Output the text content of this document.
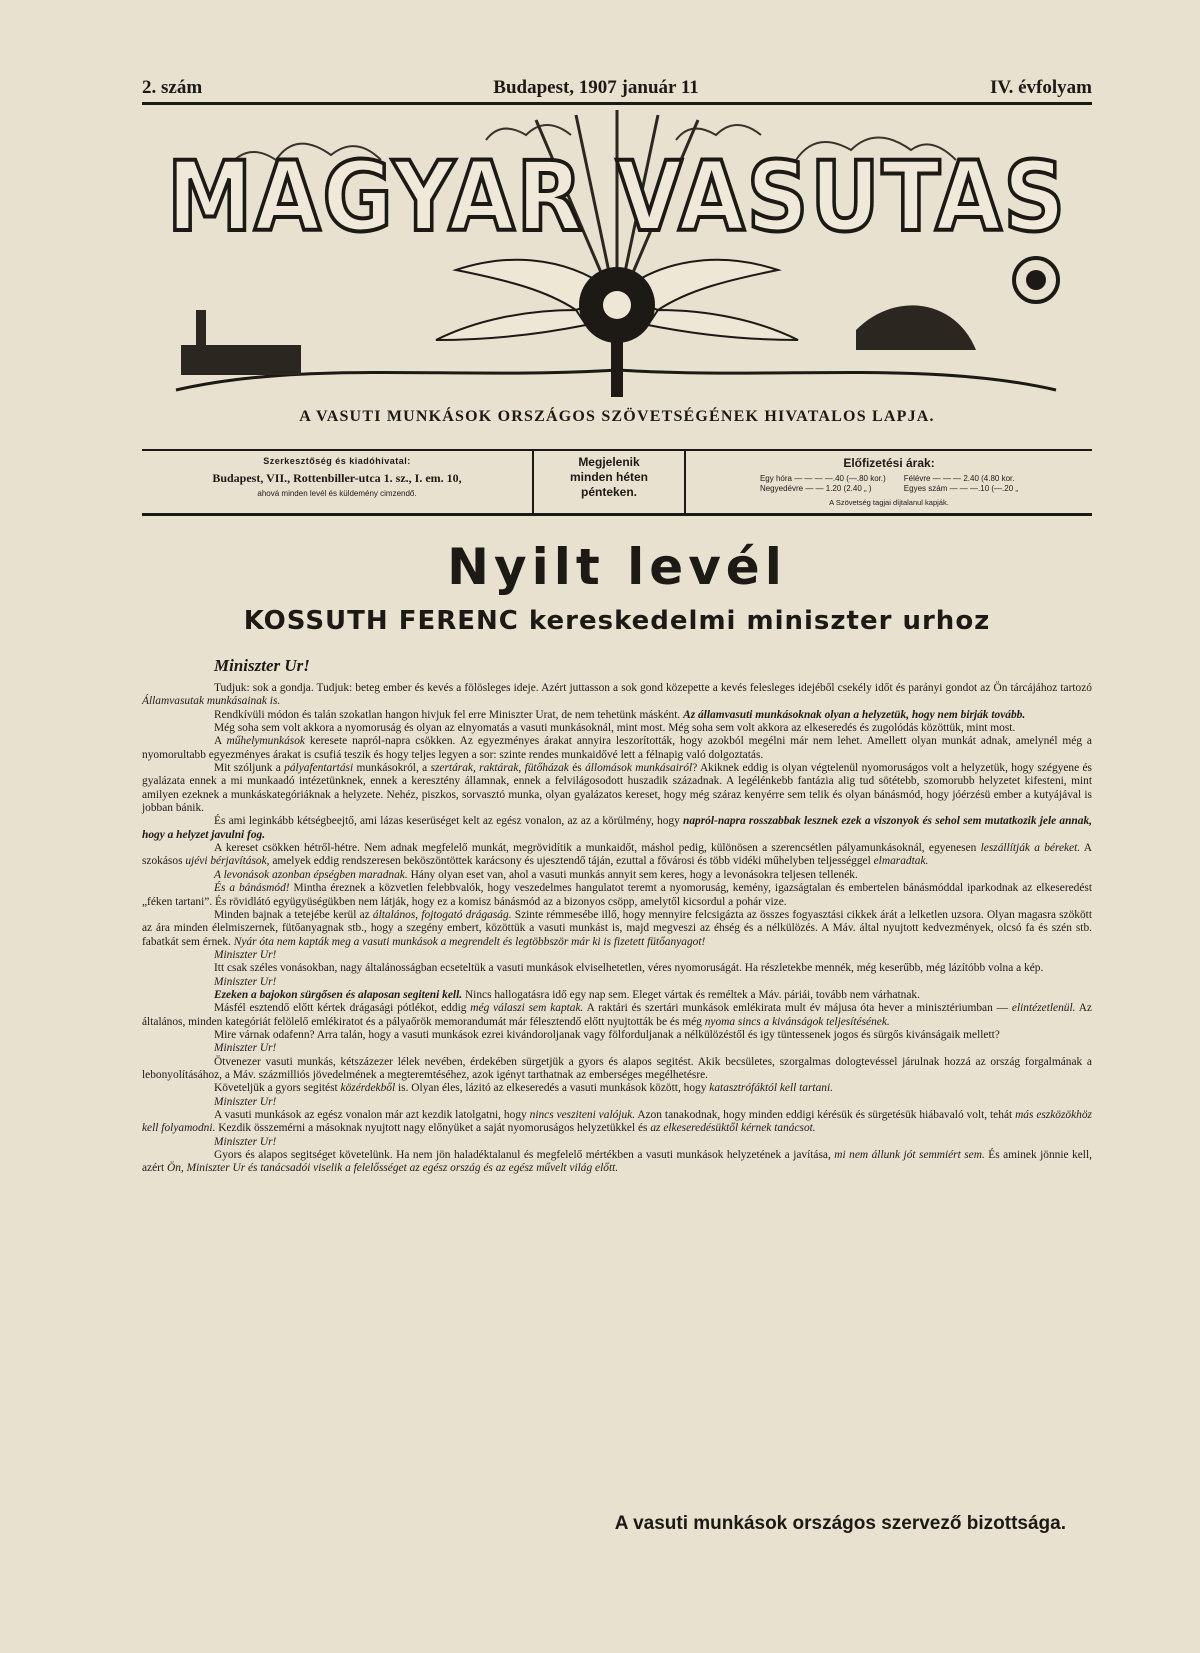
2. szám	Budapest, 1907 január 11	IV. évfolyam
MAGYAR VASUTAS
A VASUTI MUNKÁSOK ORSZÁGOS SZÖVETSÉGÉNEK HIVATALOS LAPJA.
Szerkesztőség és kiadóhivatal:
Budapest, VII., Rottenbiller-utca 1. sz., I. em. 10,
ahová minden levél és küldemény cimzendő.
Megjelenik
minden héten
pénteken.
Előfizetési árak:
Egy hóra — — — —.40 (—.80 kor.)
Negyedévre — — 1.20 (2.40 „ )
Félévre — — — 2.40 (4.80 kor.
Egyes szám — — —.10 (—.20 „
A Szövetség tagjai díjtalanul kapják.
Nyilt levél
KOSSUTH FERENC kereskedelmi miniszter urhoz
Miniszter Ur!

Tudjuk: sok a gondja. Tudjuk: beteg ember és kevés a fölösleges ideje. Azért juttasson a sok gond közepette a kevés felesleges idejéből csekély időt és parányi gondot az Ön tárcájához tartozó Államvasutak munkásainak is.

Rendkívüli módon és talán szokatlan hangon hivjuk fel erre Miniszter Urat, de nem tehetünk másként. Az államvasuti munkásoknak olyan a helyzetük, hogy nem birják tovább.

Még soha sem volt akkora a nyomoruság és olyan az elnyomatás a vasuti munkásoknál, mint most. Még soha sem volt akkora az elkeseredés és zugolódás közöttük, mint most.

A műhelymunkások keresete napról-napra csökken. Az egyezményes árakat annyira leszorították, hogy azokból megélni már nem lehet. Amellett olyan munkát adnak, amelynél még a nyomorultabb egyezményes árakat is csufiá teszik és hogy teljes legyen a sor: szinte rendes munkaidővé lett a félnapig való dolgoztatás.

Mit szóljunk a pályafentartási munkásokról, a szertárak, raktárak, fütőházak és állomások munkásairól? Akiknek eddig is olyan végtelenül nyomoruságos volt a helyzetük, hogy szégyene és gyalázata ennek a mi munkaadó intézetünknek, ennek a keresztény államnak, ennek a felvilágosodott huszadik századnak. A legélénkebb fantázia alig tud sötétebb, szomorubb helyzetet kifesteni, mint amilyen ezeknek a munkáskategóriáknak a helyzete. Nehéz, piszkos, sorvasztó munka, olyan gyalázatos kereset, hogy még száraz kenyérre sem telik és olyan bánásmód, hogy jóérzésü ember a kutyájával is jobban bánik.

És ami leginkább kétségbeejtő, ami lázas keserüséget kelt az egész vonalon, az az a körülmény, hogy napról-napra rosszabbak lesznek ezek a viszonyok és sehol sem mutatkozik jele annak, hogy a helyzet javulni fog.

A kereset csökken hétről-hétre. Nem adnak megfelelő munkát, megrövidítik a munkaidőt, máshol pedig, különösen a szerencsétlen pályamunkásoknál, egyenesen leszállítják a béreket. A szokásos ujévi bérjavítások, amelyek eddig rendszeresen beköszöntöttek karácsony és ujesztendő táján, ezuttal a fővárosi és több vidéki műhelyben teljességgel elmaradtak.

A levonások azonban épségben maradnak. Hány olyan eset van, ahol a vasuti munkás annyit sem keres, hogy a levonásokra teljesen tellenék.

És a bánásmód! Mintha éreznek a közvetlen felebbvalók, hogy veszedelmes hangulatot teremt a nyomoruság, kemény, igazságtalan és embertelen bánásmóddal iparkodnak az elkeseredést „féken tartani”. És rövidlátó együgyüségükben nem látják, hogy ez a komisz bánásmód az a bizonyos csöpp, amelytől kicsordul a pohár vize.

Minden bajnak a tetejébe kerül az általános, fojtogató drágaság. Szinte rémmesébe illő, hogy mennyire felcsigázta az összes fogyasztási cikkek árát a lelketlen uzsora. Olyan magasra szökött az ára minden élelmiszernek, fütőanyagnak stb., hogy a szegény embert, közöttük a vasuti munkást is, majd megveszi az éhség és a nélkülözés. A Máv. által nyujtott kedvezmények, olcsó fa és szén stb. fabatkát sem érnek. Nyár óta nem kapták meg a vasuti munkások a megrendelt és legtöbbször már ki is fizetett fütőanyagot!

Miniszter Ur!

Itt csak széles vonásokban, nagy általánosságban ecseteltük a vasuti munkások elviselhetetlen, véres nyomoruságát. Ha részletekbe mennék, még keserűbb, még lázítóbb volna a kép.

Miniszter Ur!

Ezeken a bajokon sürgősen és alaposan segiteni kell. Nincs hallogatásra idő egy nap sem. Eleget vártak és reméltek a Máv. páriái, tovább nem várhatnak.

Másfél esztendő előtt kértek drágasági pótlékot, eddig még válaszi sem kaptak. A raktári és szertári munkások emlékirata mult év májusa óta hever a minisztériumban — elintézetlenül. Az általános, minden kategóriát felölelő emlékiratot és a pályaőrök memorandumát már félesztendő előtt nyujtották be és még nyoma sincs a kivánságok teljesítésének.

Mire várnak odafenn? Arra talán, hogy a vasuti munkások ezrei kivándoroljanak vagy fölforduljanak a nélkülözéstől és igy tüntessenek jogos és sürgős kivánságaik mellett?

Miniszter Ur!

Ötvenezer vasuti munkás, kétszázezer lélek nevében, érdekében sürgetjük a gyors és alapos segitést. Akik becsületes, szorgalmas dologtevéssel járulnak hozzá az ország forgalmának a lebonyolításához, a Máv. százmilliós jövedelmének a megteremtéséhez, azok igényt tarthatnak az emberséges megélhetésre.

Követeljük a gyors segitést közérdekből is. Olyan éles, lázitó az elkeseredés a vasuti munkások között, hogy katasztrófáktól kell tartani.

Miniszter Ur!

A vasuti munkások az egész vonalon már azt kezdik latolgatni, hogy nincs vesziteni valójuk. Azon tanakodnak, hogy minden eddigi kérésük és sürgetésük hiábavaló volt, tehát más eszközökhöz kell folyamodni. Kezdik összemérni a másoknak nyujtott nagy előnyüket a saját nyomoruságos helyzetükkel és az elkeseredésüktől kérnek tanácsot.

Miniszter Ur!

Gyors és alapos segitséget követelünk. Ha nem jön haladéktalanul és megfelelő mértékben a vasuti munkások helyzetének a javítása, mi nem állunk jót semmiért sem. És aminek jönnie kell, azért Ön, Miniszter Ur és tanácsadói viselik a felelősséget az egész ország és az egész művelt világ előtt.

A vasuti munkások országos szervező bizottsága.
